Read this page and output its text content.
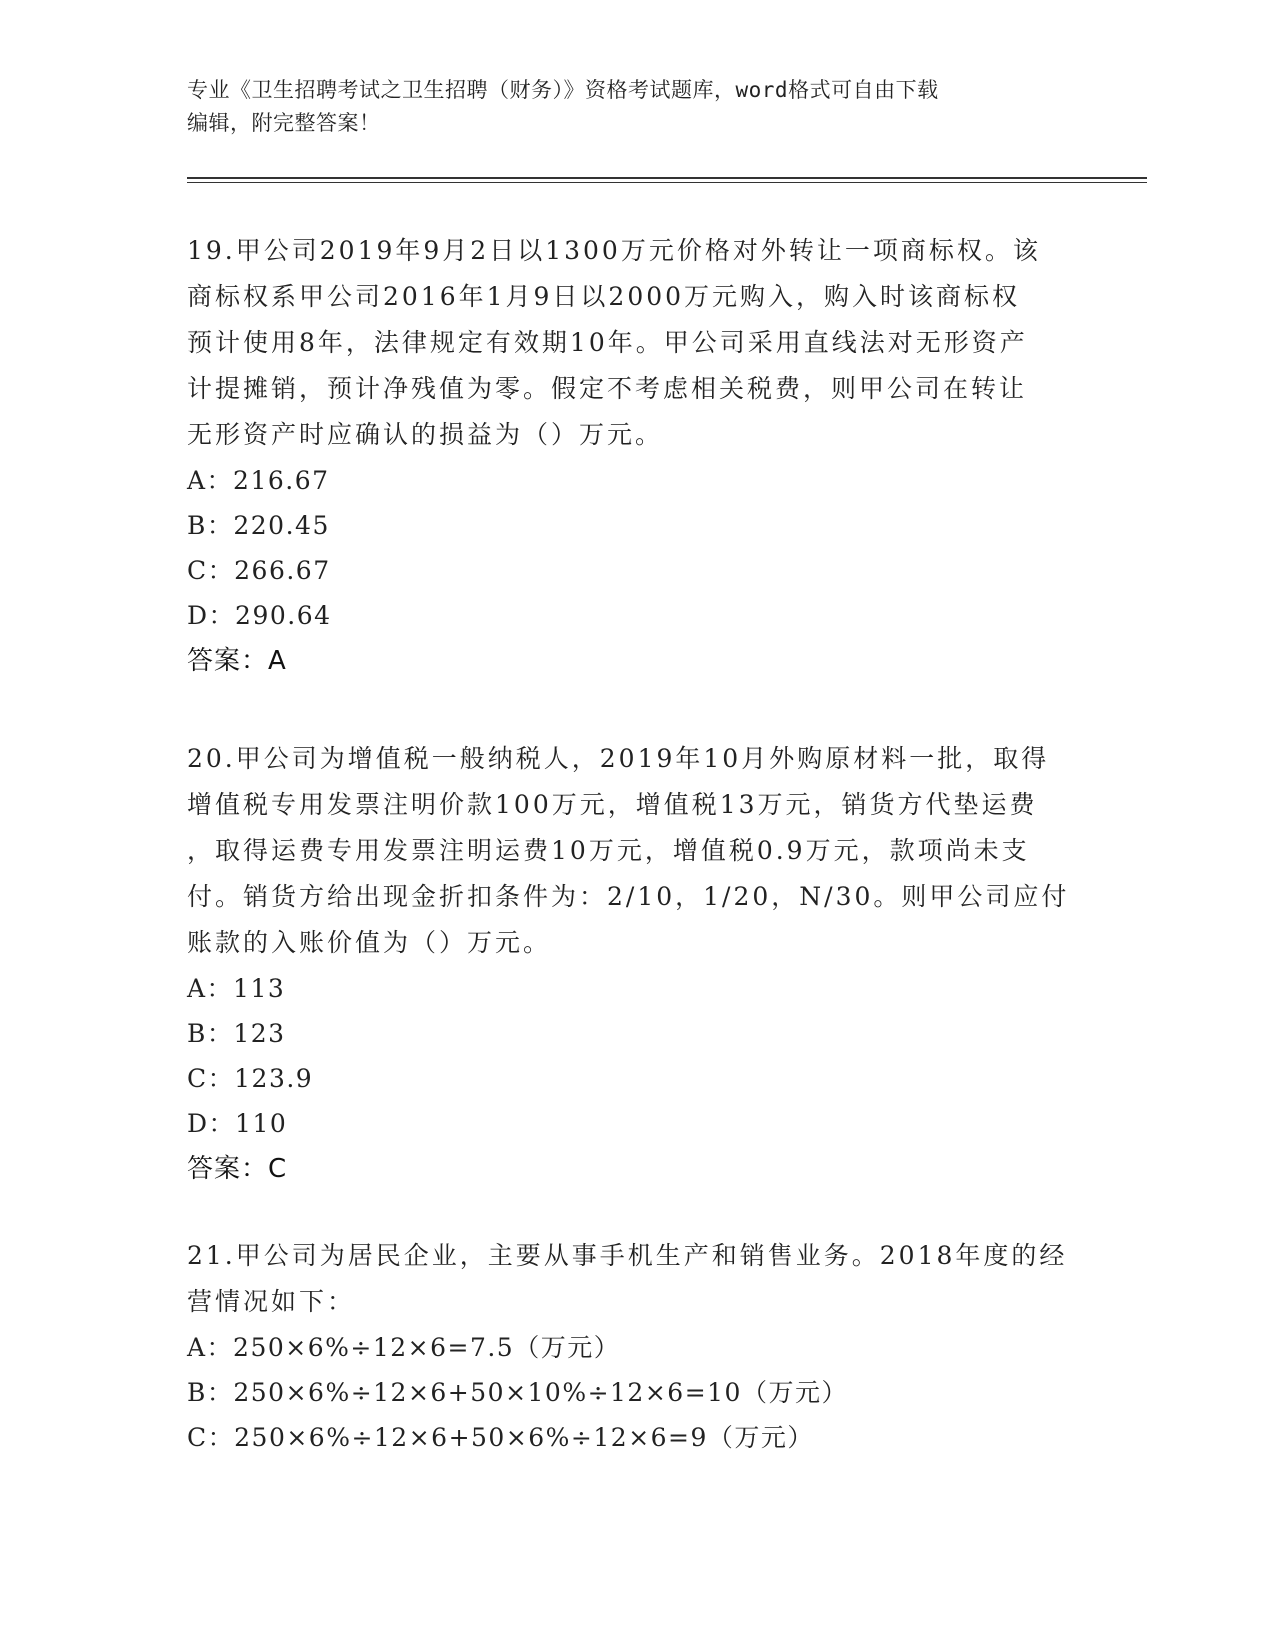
专业《卫生招聘考试之卫生招聘（财务）》资格考试题库，word格式可自由下载
编辑，附完整答案！
19.甲公司2019年9月2日以1300万元价格对外转让一项商标权。该
商标权系甲公司2016年1月9日以2000万元购入，购入时该商标权
预计使用8年，法律规定有效期10年。甲公司采用直线法对无形资产
计提摊销，预计净残值为零。假定不考虑相关税费，则甲公司在转让
无形资产时应确认的损益为（）万元。
A：216.67
B：220.45
C：266.67
D：290.64
答案：A
20.甲公司为增值税一般纳税人，2019年10月外购原材料一批，取得
增值税专用发票注明价款100万元，增值税13万元，销货方代垫运费
，取得运费专用发票注明运费10万元，增值税0.9万元，款项尚未支
付。销货方给出现金折扣条件为：2/10，1/20，N/30。则甲公司应付
账款的入账价值为（）万元。
A：113
B：123
C：123.9
D：110
答案：C
21.甲公司为居民企业，主要从事手机生产和销售业务。2018年度的经
营情况如下：
A：250×6%÷12×6=7.5（万元）
B：250×6%÷12×6+50×10%÷12×6=10（万元）
C：250×6%÷12×6+50×6%÷12×6=9（万元）
